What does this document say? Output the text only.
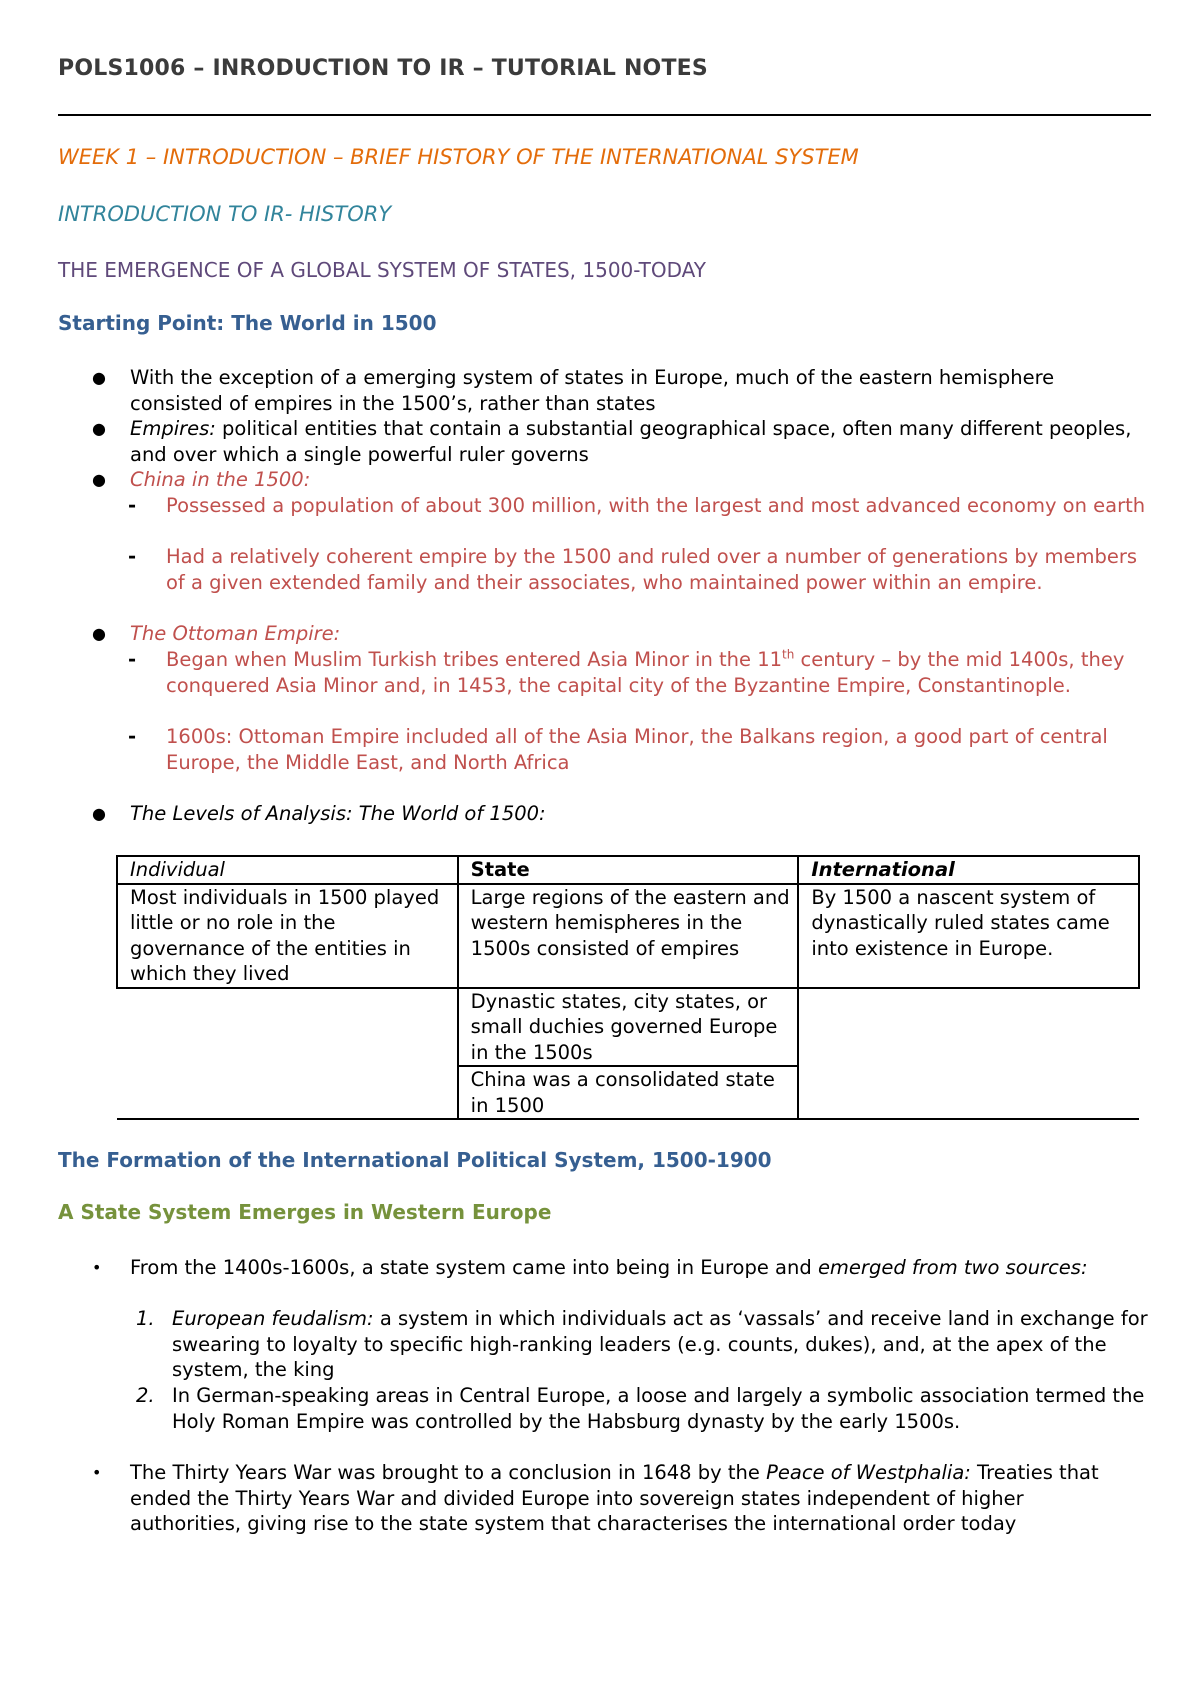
POLS1006 – INRODUCTION TO IR – TUTORIAL NOTES
WEEK 1 – INTRODUCTION – BRIEF HISTORY OF THE INTERNATIONAL SYSTEM
INTRODUCTION TO IR- HISTORY
THE EMERGENCE OF A GLOBAL SYSTEM OF STATES, 1500-TODAY
Starting Point: The World in 1500
● With the exception of a emerging system of states in Europe, much of the eastern hemisphere consisted of empires in the 1500’s, rather than states
● Empires: political entities that contain a substantial geographical space, often many different peoples, and over which a single powerful ruler governs
● China in the 1500:
- Possessed a population of about 300 million, with the largest and most advanced economy on earth
- Had a relatively coherent empire by the 1500 and ruled over a number of generations by members of a given extended family and their associates, who maintained power within an empire.
● The Ottoman Empire:
- Began when Muslim Turkish tribes entered Asia Minor in the 11th century – by the mid 1400s, they conquered Asia Minor and, in 1453, the capital city of the Byzantine Empire, Constantinople.
- 1600s: Ottoman Empire included all of the Asia Minor, the Balkans region, a good part of central Europe, the Middle East, and North Africa
● The Levels of Analysis: The World of 1500:
Individual	State	International
Most individuals in 1500 played little or no role in the governance of the entities in which they lived	Large regions of the eastern and western hemispheres in the 1500s consisted of empires	By 1500 a nascent system of dynastically ruled states came into existence in Europe.
	Dynastic states, city states, or small duchies governed Europe in the 1500s	
	China was a consolidated state in 1500	
The Formation of the International Political System, 1500-1900
A State System Emerges in Western Europe
• From the 1400s-1600s, a state system came into being in Europe and emerged from two sources:
1. European feudalism: a system in which individuals act as ‘vassals’ and receive land in exchange for swearing to loyalty to specific high-ranking leaders (e.g. counts, dukes), and, at the apex of the system, the king
2. In German-speaking areas in Central Europe, a loose and largely a symbolic association termed the Holy Roman Empire was controlled by the Habsburg dynasty by the early 1500s.
• The Thirty Years War was brought to a conclusion in 1648 by the Peace of Westphalia: Treaties that ended the Thirty Years War and divided Europe into sovereign states independent of higher authorities, giving rise to the state system that characterises the international order today
